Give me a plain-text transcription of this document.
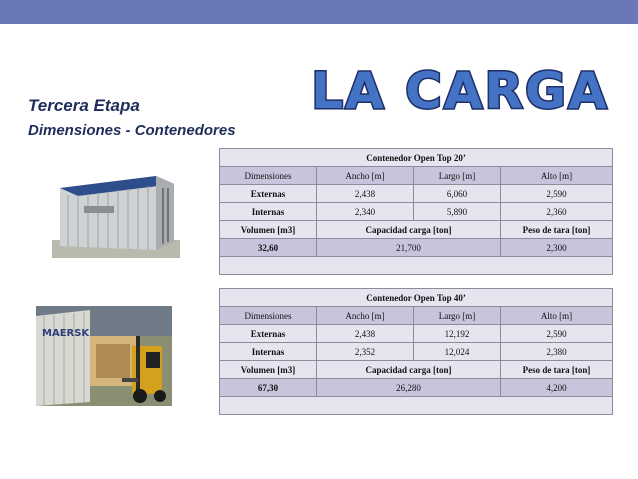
LA CARGA
Tercera Etapa
Dimensiones - Contenedores
MAERSK
Contenedor Open Top 20’			
Dimensiones	Ancho [m]	Largo [m]	Alto [m]
Externas	2,438	6,060	2,590
Internas	2,340	5,890	2,360
Volumen [m3]	Capacidad carga [ton]		Peso de tara [ton]
32,60	21,700		2,300

Contenedor Open Top 40’			
Dimensiones	Ancho [m]	Largo [m]	Alto [m]
Externas	2,438	12,192	2,590
Internas	2,352	12,024	2,380
Volumen [m3]	Capacidad carga [ton]		Peso de tara [ton]
67,30	26,280		4,200
